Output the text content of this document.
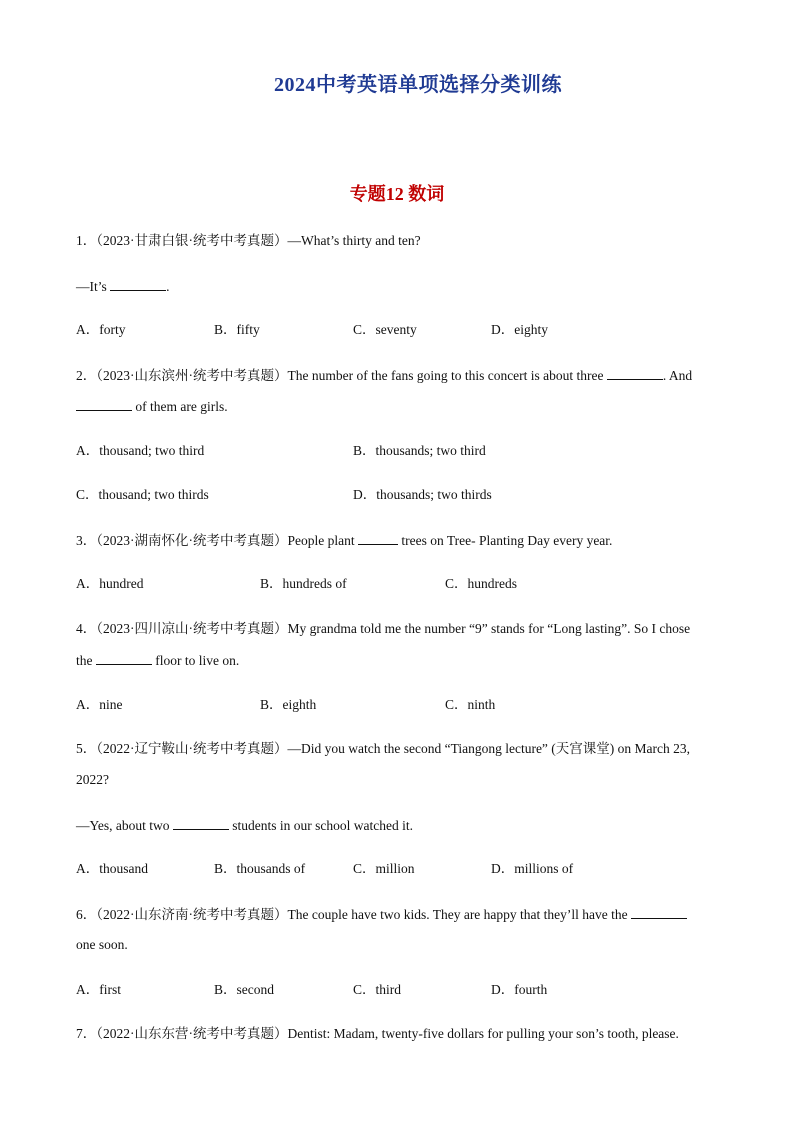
2024中考英语单项选择分类训练
专题12 数词
1．（2023·甘肃白银·统考中考真题）—What’s thirty and ten?
—It’s	.
A．forty	B．fifty	C．seventy	D．eighty
2．（2023·山东滨州·统考中考真题）The number of the fans going to this concert is about three	. And
of them are girls.
A．thousand; two third	B．thousands; two third
C．thousand; two thirds	D．thousands; two thirds
3．（2023·湖南怀化·统考中考真题）People plant	trees on Tree- Planting Day every year.
A．hundred	B．hundreds of	C．hundreds
4．（2023·四川凉山·统考中考真题）My grandma told me the number “9” stands for “Long lasting”. So I chose
the	floor to live on.
A．nine	B．eighth	C．ninth
5．（2022·辽宁鞍山·统考中考真题）—Did you watch the second “Tiangong lecture” (天宫课堂) on March 23,
2022?
—Yes, about two	students in our school watched it.
A．thousand	B．thousands of	C．million	D．millions of
6．（2022·山东济南·统考中考真题）The couple have two kids. They are happy that they’ll have the
one soon.
A．first	B．second	C．third	D．fourth
7．（2022·山东东营·统考中考真题）Dentist: Madam, twenty-five dollars for pulling your son’s tooth, please.
